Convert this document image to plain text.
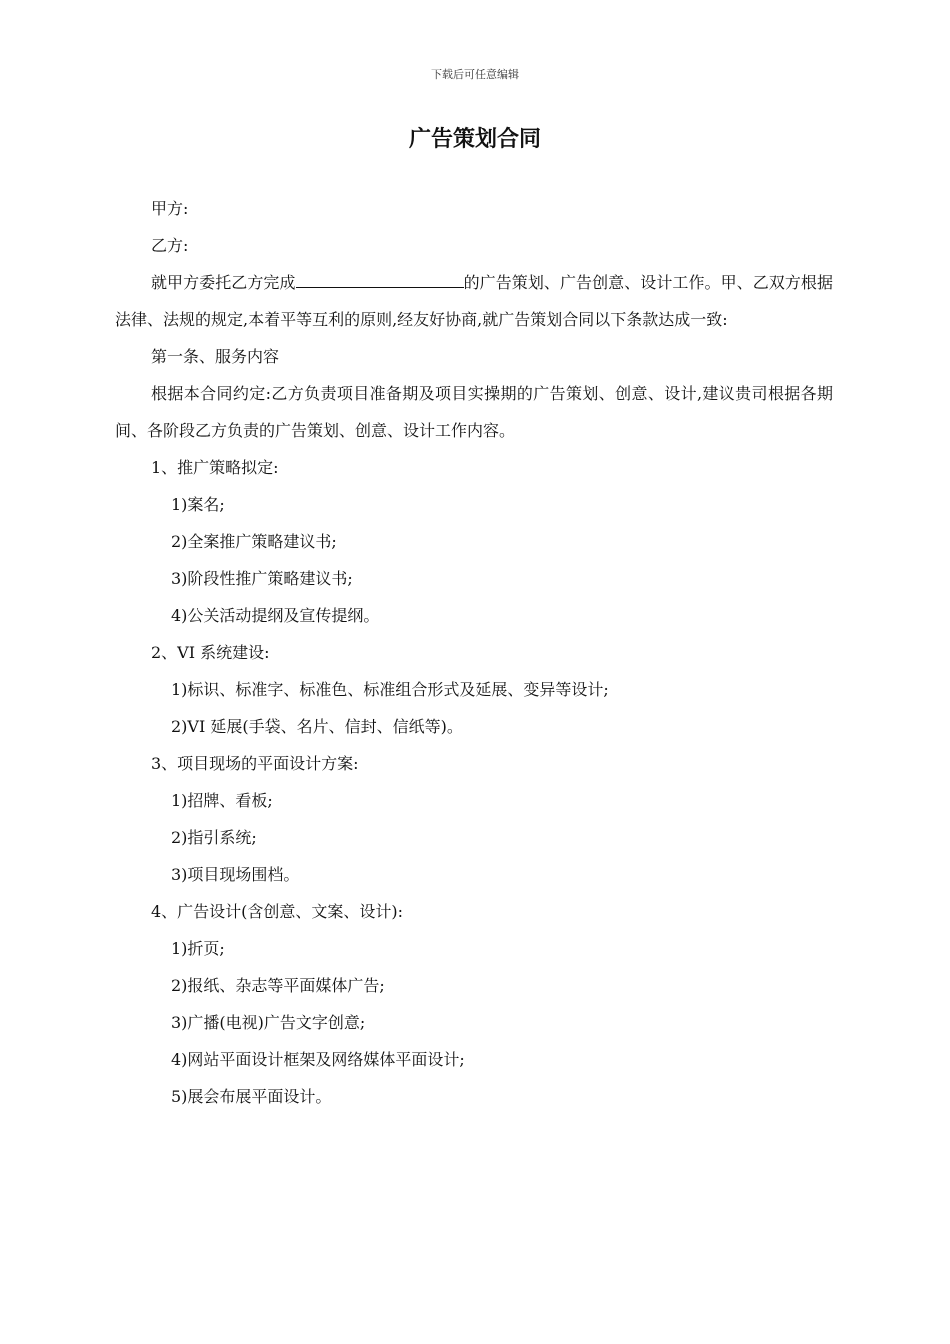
下载后可任意编辑
广告策划合同
甲方:
乙方:
就甲方委托乙方完成	的广告策划、广告创意、设计工作。甲、乙双方根据法律、法规的规定,本着平等互利的原则,经友好协商,就广告策划合同以下条款达成一致:
第一条、服务内容
根据本合同约定:乙方负责项目准备期及项目实操期的广告策划、创意、设计,建议贵司根据各期间、各阶段乙方负责的广告策划、创意、设计工作内容。
1、推广策略拟定:
1)案名;
2)全案推广策略建议书;
3)阶段性推广策略建议书;
4)公关活动提纲及宣传提纲。
2、VI 系统建设:
1)标识、标准字、标准色、标准组合形式及延展、变异等设计;
2)VI 延展(手袋、名片、信封、信纸等)。
3、项目现场的平面设计方案:
1)招牌、看板;
2)指引系统;
3)项目现场围档。
4、广告设计(含创意、文案、设计):
1)折页;
2)报纸、杂志等平面媒体广告;
3)广播(电视)广告文字创意;
4)网站平面设计框架及网络媒体平面设计;
5)展会布展平面设计。
